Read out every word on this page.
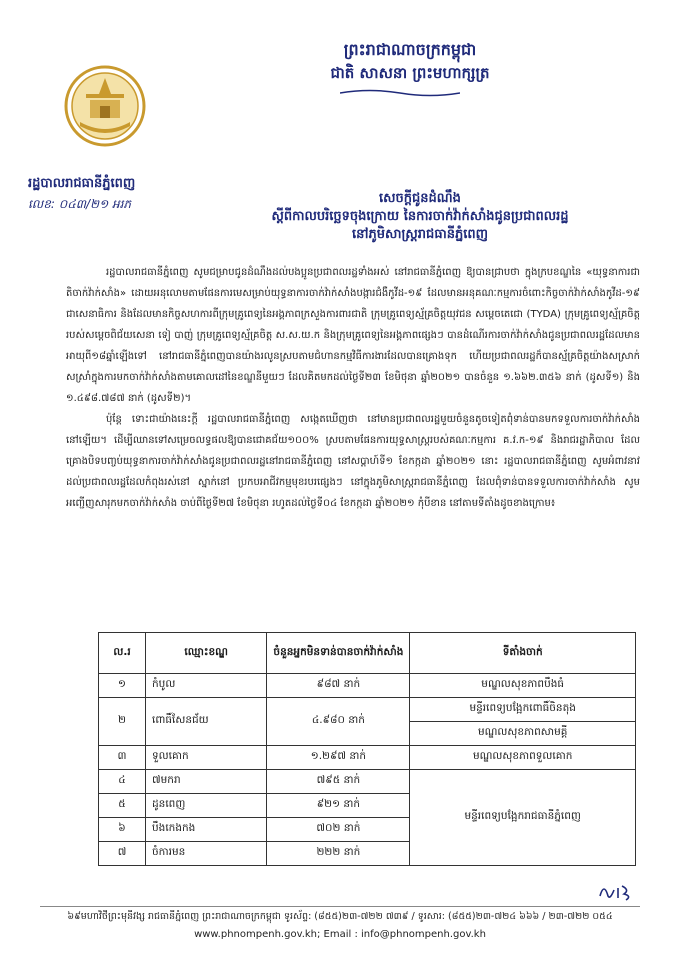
ព្រះរាជាណាចក្រកម្ពុជា
ជាតិ សាសនា ព្រះមហាក្សត្រ
រដ្ឋបាលរាជធានីភ្នំពេញ
លេខ: ០៤៣/២១ អរភ	សេចក្តីជូនដំណឹង
ស្តីពីកាលបរិច្ឆេទចុងក្រោយ នៃការចាក់វ៉ាក់សាំងជូនប្រជាពលរដ្ឋ
នៅភូមិសាស្ត្ររាជធានីភ្នំពេញ

រដ្ឋបាលរាជធានីភ្នំពេញ សូមជម្រាបជូនដំណឹងដល់បងប្អូនប្រជាពលរដ្ឋទាំងអស់ នៅរាជធានីភ្នំពេញ ឱ្យបានជ្រាបថា ក្នុងក្របខណ្ឌនៃ «យុទ្ធនាការជាតិចាក់វ៉ាក់សាំង» ដោយអនុលោមតាមផែនការមេសម្រាប់យុទ្ធនាការចាក់វ៉ាក់សាំងបង្ការជំងឺកូវីដ-១៩ ដែលមានអនុគណៈកម្មការចំពោះកិច្ចចាក់វ៉ាក់សាំងកូវីដ-១៩ ជាសេនាធិការ និងដែលមានកិច្ចសហការពីក្រុមគ្រូពេទ្យនៃអង្គភាពក្រសួងការពារជាតិ ក្រុមគ្រូពេទ្យស្ម័គ្រចិត្តយុវជន សម្តេចតេជោ (TYDA) ក្រុមគ្រូពេទ្យស្ម័គ្រចិត្តរបស់សម្តេចពិជ័យសេនា ទៀ បាញ់ ក្រុមគ្រូពេទ្យស្ម័គ្រចិត្ត ស.ស.យ.ក និងក្រុមគ្រូពេទ្យនៃអង្គភាពផ្សេងៗ បានដំណើរការចាក់វ៉ាក់សាំងជូនប្រជាពលរដ្ឋដែលមានអាយុពី១៨ឆ្នាំឡើងទៅ នៅរាជធានីភ្នំពេញបានយ៉ាងរលូនស្របតាមជំហានកម្មវិធីការងារដែលបានគ្រោងទុក ហើយប្រជាពលរដ្ឋក៏បានស្ម័គ្រចិត្តយ៉ាងសស្រាក់សស្រាំក្នុងការមកចាក់វ៉ាក់សាំងតាមគោលដៅនៃខណ្ឌនីមួយៗ ដែលគិតមកដល់ថ្ងៃទី២៣ ខែមិថុនា ឆ្នាំ២០២១ បានចំនួន ១.៦៦២.៣៥៦ នាក់ (ដូសទី១) និង ១.៤៩៨.៧៨៧ នាក់ (ដូសទី២)។

ប៉ុន្តែ ទោះជាយ៉ាងនេះក្តី រដ្ឋបាលរាជធានីភ្នំពេញ សង្កេតឃើញថា នៅមានប្រជាពលរដ្ឋមួយចំនួនតូចទៀតពុំទាន់បានមកទទួលការចាក់វ៉ាក់សាំងនៅឡើយ។ ដើម្បីឈានទៅសម្រេចលទ្ធផលឱ្យបានជោគជ័យ១០០% ស្របតាមផែនការយុទ្ធសាស្ត្ររបស់គណៈកម្មការ គ.វ.ក-១៩ និងរាជរដ្ឋាភិបាល ដែលគ្រោងបិទបញ្ចប់យុទ្ធនាការចាក់វ៉ាក់សាំងជូនប្រជាពលរដ្ឋនៅរាជធានីភ្នំពេញ នៅសប្តាហ៍ទី១ ខែកក្កដា ឆ្នាំ២០២១ នោះ រដ្ឋបាលរាជធានីភ្នំពេញ សូមអំពាវនាវដល់ប្រជាពលរដ្ឋដែលកំពុងរស់នៅ ស្នាក់នៅ ប្រកបអាជីវកម្មមុខរបរផ្សេងៗ នៅក្នុងភូមិសាស្ត្ររាជធានីភ្នំពេញ ដែលពុំទាន់បានទទួលការចាក់វ៉ាក់សាំង សូមអញ្ជើញសារុកមកចាក់វ៉ាក់សាំង ចាប់ពីថ្ងៃទី២៧ ខែមិថុនា រហូតដល់ថ្ងៃទី០៤ ខែកក្កដា ឆ្នាំ២០២១ កុំបីខាន នៅតាមទីតាំងដូចខាងក្រោម៖

ល.រ	ឈ្មោះខណ្ឌ	ចំនួនអ្នកមិនទាន់បានចាក់វ៉ាក់សាំង	ទីតាំងចាក់
១	កំបូល	៩៨៧ នាក់	មណ្ឌលសុខភាពបឹងធំ
២	ពោធិ៍សែនជ័យ	៤.៩៨០ នាក់	មន្ទីរពេទ្យបង្អែកពោធិ៍ចិនតុង
			មណ្ឌលសុខភាពសាមគ្គី
៣	ទួលគោក	១.២៩៧ នាក់	មណ្ឌលសុខភាពទួលគោក
៤	៧មករា	៧៩៥ នាក់	មន្ទីរពេទ្យបង្អែករាជធានីភ្នំពេញ
៥	ដូនពេញ	៩២១ នាក់	
៦	បឹងកេងកង	៧០២ នាក់	
៧	ចំការមន	២២២ នាក់	
៦៩មហាវិថីព្រះមុនីវង្ស រាជធានីភ្នំពេញ ព្រះរាជាណាចក្រកម្ពុជា ទូរស័ព្ទ: (៨៥៥)២៣-៧២២ ៧៣៩ / ទូរសារ: (៨៥៥)២៣-៧២៤ ៦៦៦ / ២៣-៧២២ ០៥៤
www.phnompenh.gov.kh; Email : info@phnompenh.gov.kh
